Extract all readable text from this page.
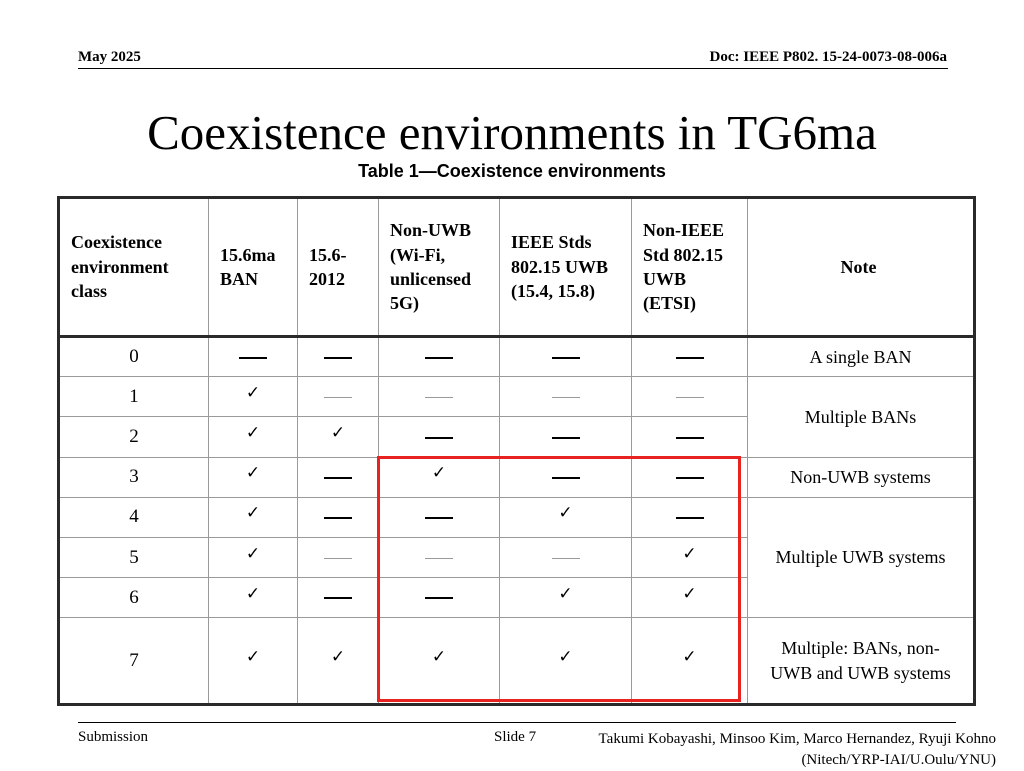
May 2025	Doc: IEEE P802. 15-24-0073-08-006a
Coexistence environments in TG6ma
Table 1—Coexistence environments
Coexistence environment class	15.6ma BAN	15.6-2012	Non-UWB (Wi-Fi, unlicensed 5G)	IEEE Stds 802.15 UWB (15.4, 15.8)	Non-IEEE Std 802.15 UWB (ETSI)	Note
0						A single BAN
1	✓					Multiple BANs
2	✓	✓				
3	✓		✓			Non-UWB systems
4	✓			✓		Multiple UWB systems
5	✓				✓	
6	✓			✓	✓	
7	✓	✓	✓	✓	✓	Multiple: BANs, non-UWB and UWB systems
Submission	Slide 7	Takumi Kobayashi, Minsoo Kim, Marco Hernandez, Ryuji Kohno (Nitech/YRP-IAI/U.Oulu/YNU)
